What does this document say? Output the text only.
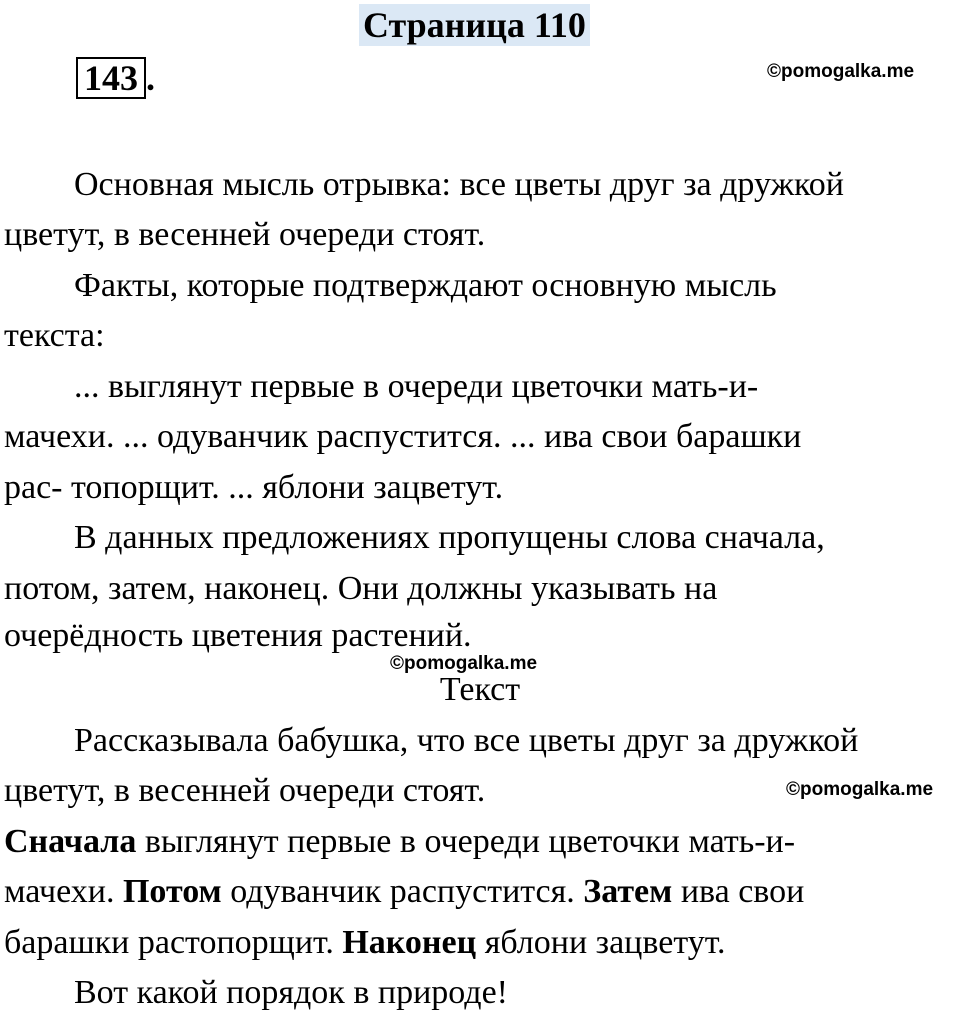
Страница 110
143 .	©pomogalka.me
Основная мысль отрывка: все цветы друг за дружкой
цветут, в весенней очереди стоят.
Факты, которые подтверждают основную мысль
текста:
... выглянут первые в очереди цветочки мать-и-
мачехи. ... одуванчик распустится. ... ива свои барашки
рас- топорщит. ... яблони зацветут.
В данных предложениях пропущены слова сначала,
потом, затем, наконец. Они должны указывать на
очерёдность цветения растений.
©pomogalka.me
Текст
Рассказывала бабушка, что все цветы друг за дружкой
цветут, в весенней очереди стоят.	©pomogalka.me
Сначала выглянут первые в очереди цветочки мать-и-
мачехи. Потом одуванчик распустится. Затем ива свои
барашки растопорщит. Наконец яблони зацветут.
Вот какой порядок в природе!
